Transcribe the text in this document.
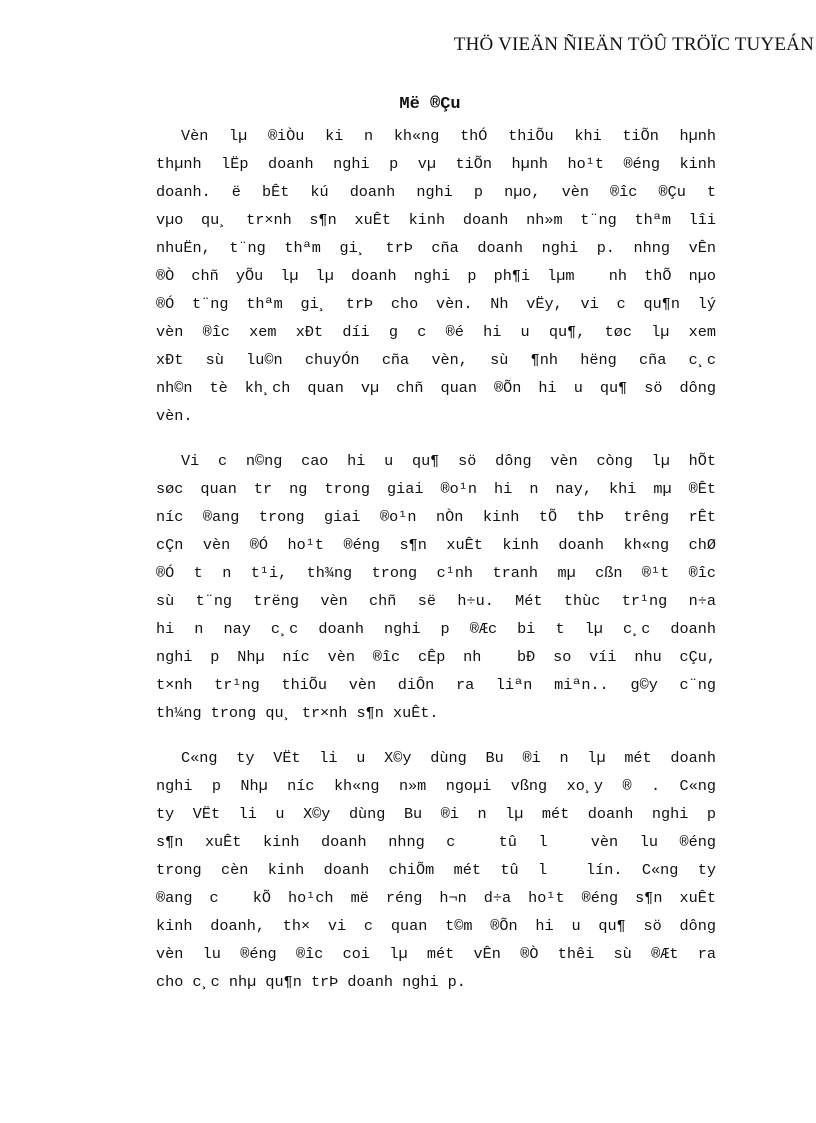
THÖ VIEÄN ÑIEÄN TÖÛ TRÖÏC TUYEÁN
Më ®Çu
Vèn lµ ®iÒu ki n kh«ng thÓ thiÕu khi tiÕn hµnh
thµnh lËp doanh nghi p vµ tiÕn hµnh ho¹t ®éng kinh
doanh. ë bÊt kú doanh nghi p nµo, vèn ®îc ®Çu t
vµo qu¸ tr×nh s¶n xuÊt kinh doanh nh»m t¨ng thªm lîi
nhuËn, t¨ng thªm gi¸ trÞ cña doanh nghi p. nhng vÊn
®Ò chñ yÕu lµ lµ doanh nghi p ph¶i lµm  nh thÕ nµo
®Ó t¨ng thªm gi¸ trÞ cho vèn. Nh vËy, vi c qu¶n lý
vèn ®îc xem xÐt díi g c ®é hi u qu¶, tøc lµ xem
xÐt sù lu©n chuyÓn cña vèn, sù ¶nh hëng cña c¸c
nh©n tè kh¸ch quan vµ chñ quan ®Õn hi u qu¶ sö dông
vèn.
Vi c n©ng cao hi u qu¶ sö dông vèn còng lµ hÕt
søc quan tr ng trong giai ®o¹n hi n nay, khi mµ ®Êt
níc ®ang trong giai ®o¹n nÒn kinh tÕ thÞ trêng rÊt
cÇn vèn ®Ó ho¹t ®éng s¶n xuÊt kinh doanh kh«ng chØ
®Ó t n t¹i, th¾ng trong c¹nh tranh mµ cßn ®¹t ®îc
sù t¨ng trëng vèn chñ së h÷u. Mét thùc tr¹ng n÷a
hi n nay c¸c doanh nghi p ®Æc bi t lµ c¸c doanh
nghi p Nhµ níc vèn ®îc cÊp nh  bÐ so víi nhu cÇu,
t×nh tr¹ng thiÕu vèn diÔn ra liªn miªn.. g©y c¨ng
th¼ng trong qu¸ tr×nh s¶n xuÊt.
C«ng ty VËt li u X©y dùng Bu ®i n lµ mét doanh
nghi p Nhµ níc kh«ng n»m ngoµi vßng xo¸y ® . C«ng
ty VËt li u X©y dùng Bu ®i n lµ mét doanh nghi p
s¶n xuÊt kinh doanh nhng c  tû l  vèn lu ®éng
trong cèn kinh doanh chiÕm mét tû l  lín. C«ng ty
®ang c  kÕ ho¹ch më réng h¬n d÷a ho¹t ®éng s¶n xuÊt
kinh doanh, th× vi c quan t©m ®Õn hi u qu¶ sö dông
vèn lu ®éng ®îc coi lµ mét vÊn ®Ò thêi sù ®Æt ra
cho c¸c nhµ qu¶n trÞ doanh nghi p.
